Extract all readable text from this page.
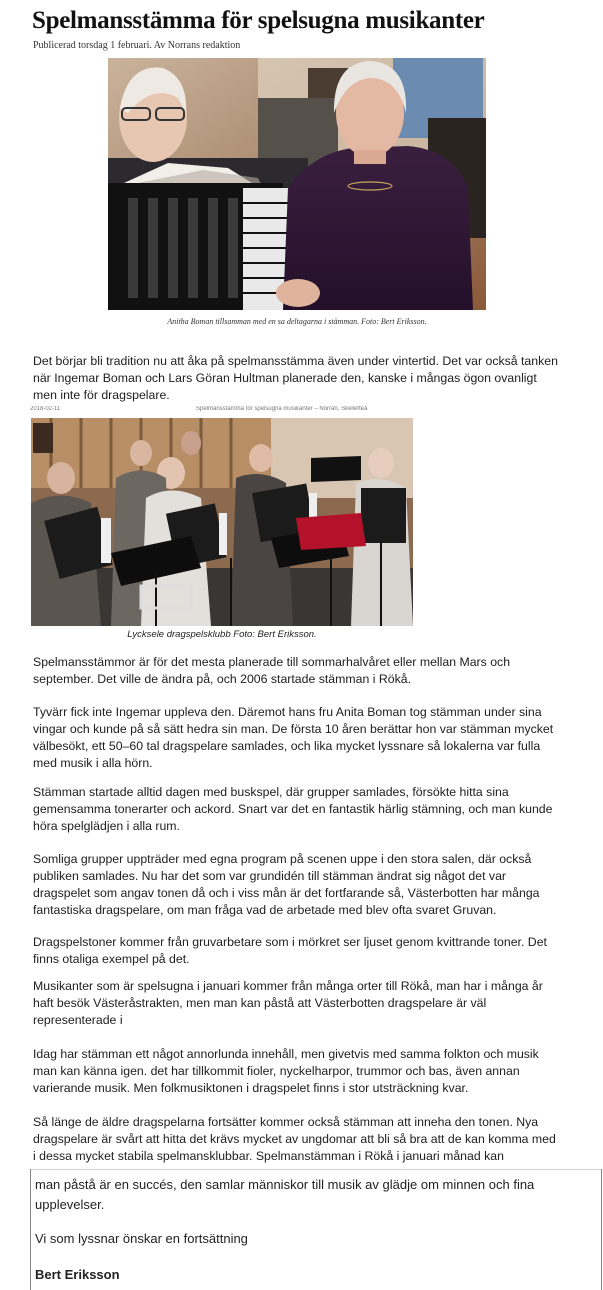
Spelmansstämma för spelsugna musikanter
Publicerad torsdag 1 februari. Av Norrans redaktion
Anitha Boman tillsamman med en sa deltagarna i stämman. Foto: Bert Eriksson.

Det börjar bli tradition nu att åka på spelmansstämma även under vintertid. Det var också tanken när Ingemar Boman och Lars Göran Hultman planerade den, kanske i mångas ögon ovanligt men inte för dragspelare.

2018-02-11	Spelmansstämma för spelsugna musikanter – Norran, Skellefteå
Lycksele dragspelsklubb Foto: Bert Eriksson.

Spelmansstämmor är för det mesta planerade till sommarhalvåret eller mellan Mars och september. Det ville de ändra på, och 2006 startade stämman i Rökå.

Tyvärr fick inte Ingemar uppleva den. Däremot hans fru Anita Boman tog stämman under sina vingar och kunde på så sätt hedra sin man. De första 10 åren berättar hon var stämman mycket välbesökt, ett 50–60 tal dragspelare samlades, och lika mycket lyssnare så lokalerna var fulla med musik i alla hörn.

Stämman startade alltid dagen med buskspel, där grupper samlades, försökte hitta sina gemensamma tonerarter och ackord. Snart var det en fantastik härlig stämning, och man kunde höra spelglädjen i alla rum.

Somliga grupper uppträder med egna program på scenen uppe i den stora salen, där också publiken samlades. Nu har det som var grundidén till stämman ändrat sig något det var dragspelet som angav tonen då och i viss mån är det fortfarande så, Västerbotten har många fantastiska dragspelare, om man fråga vad de arbetade med blev ofta svaret Gruvan.

Dragspelstoner kommer från gruvarbetare som i mörkret ser ljuset genom kvittrande toner. Det finns otaliga exempel på det.

Musikanter som är spelsugna i januari kommer från många orter till Rökå, man har i många år haft besök Västeråstrakten, men man kan påstå att Västerbotten dragspelare är väl representerade i

Idag har stämman ett något annorlunda innehåll, men givetvis med samma folkton och musik man kan känna igen. det har tillkommit fioler, nyckelharpor, trummor och bas, även annan varierande musik. Men folkmusiktonen i dragspelet finns i stor utsträckning kvar.

Så länge de äldre dragspelarna fortsätter kommer också stämman att inneha den tonen. Nya dragspelare är svårt att hitta det krävs mycket av ungdomar att bli så bra att de kan komma med i dessa mycket stabila spelmansklubbar. Spelmanstämman i Rökå i januari månad kan

man påstå är en succés, den samlar människor till musik av glädje om minnen och fina upplevelser.

Vi som lyssnar önskar en fortsättning

Bert Eriksson
